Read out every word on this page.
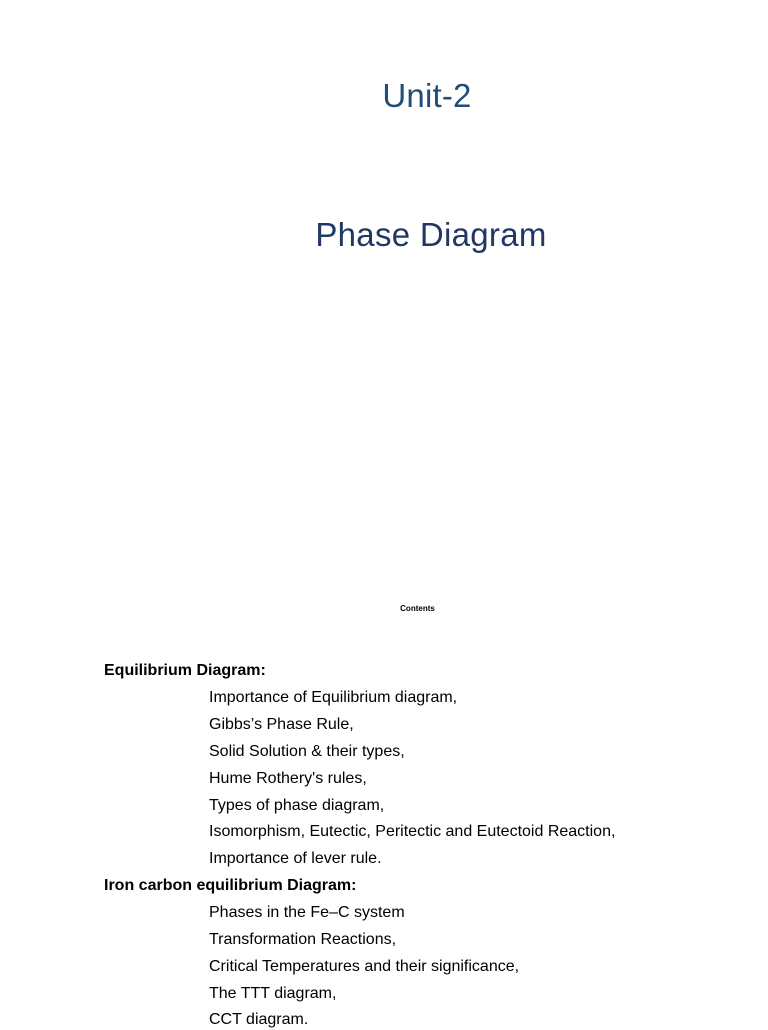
Unit-2
Phase Diagram
Contents
Equilibrium Diagram:
Importance of Equilibrium diagram,
Gibbs’s Phase Rule,
Solid Solution & their types,
Hume Rothery's rules,
Types of phase diagram,
Isomorphism, Eutectic, Peritectic and Eutectoid Reaction,
Importance of lever rule.
Iron carbon equilibrium Diagram:
Phases in the Fe–C system
Transformation Reactions,
Critical Temperatures and their significance,
The TTT diagram,
CCT diagram.
